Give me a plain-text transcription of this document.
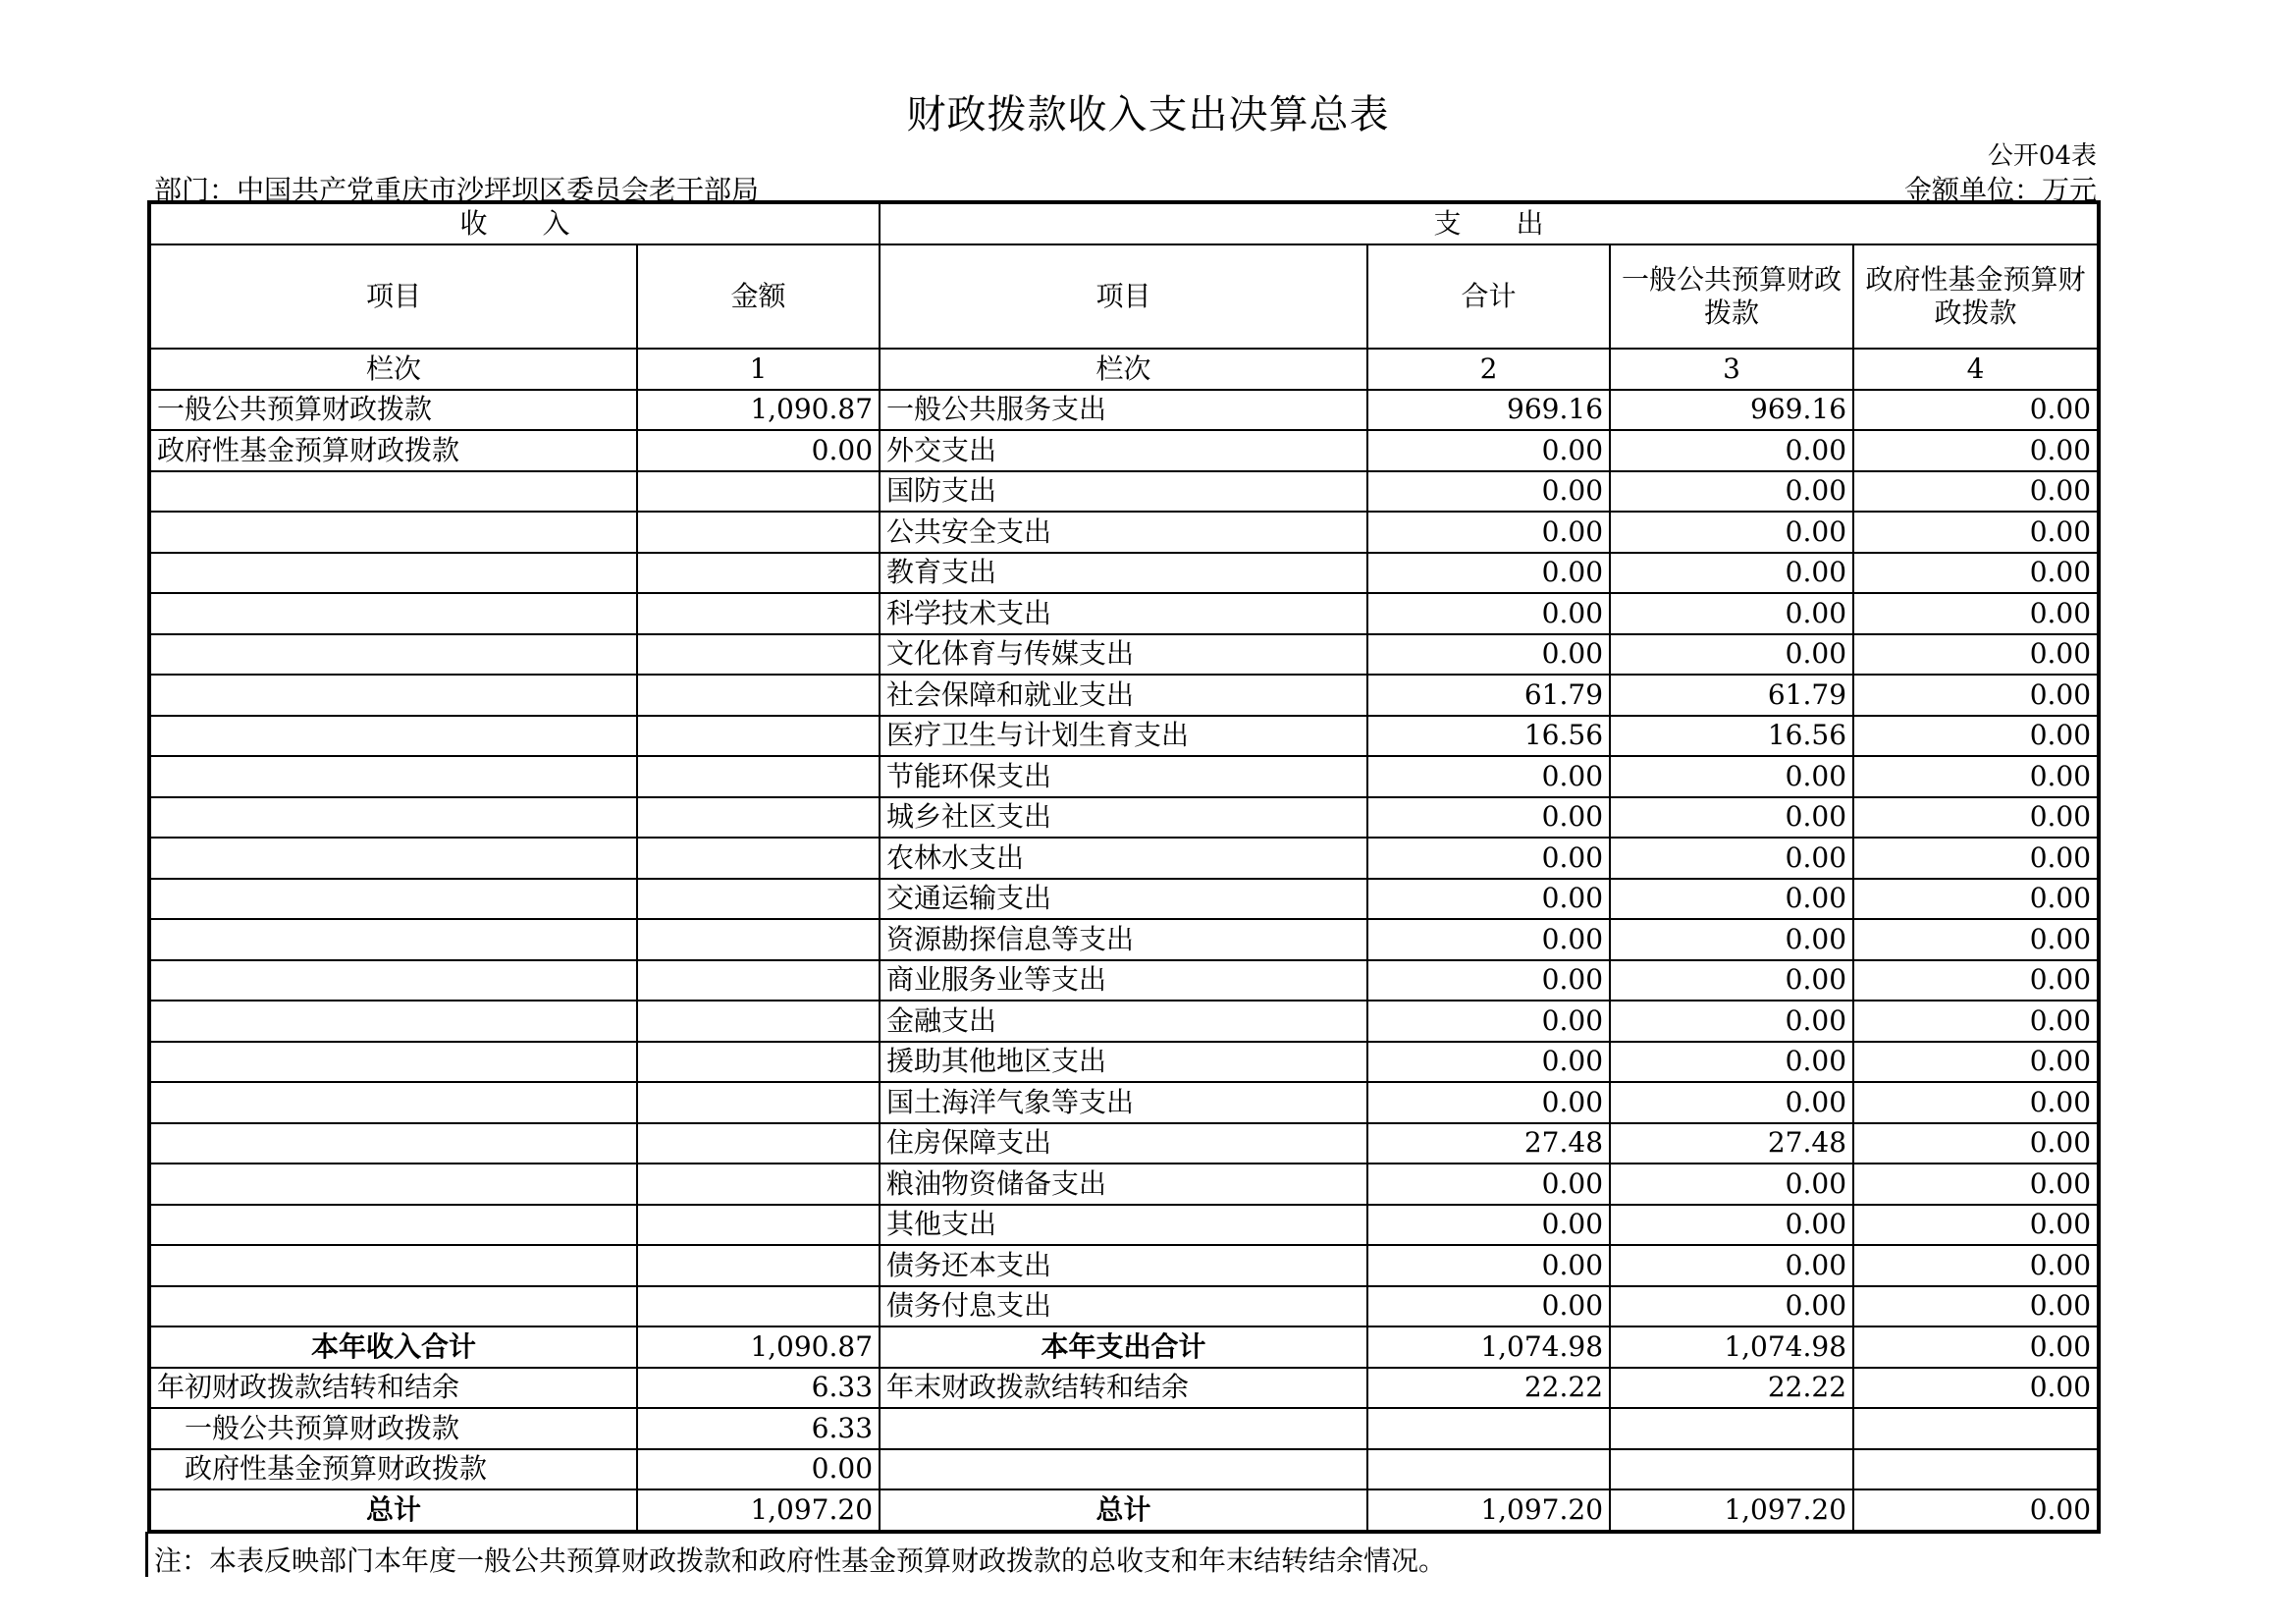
财政拨款收入支出决算总表
公开04表
部门：中国共产党重庆市沙坪坝区委员会老干部局	金额单位：万元
收　　入		支　　出			
项目	金额	项目	合计	一般公共预算财政拨款	政府性基金预算财政拨款
栏次	1	栏次	2	3	4
一般公共预算财政拨款	1,090.87	一般公共服务支出	969.16	969.16	0.00
政府性基金预算财政拨款	0.00	外交支出	0.00	0.00	0.00
		国防支出	0.00	0.00	0.00
		公共安全支出	0.00	0.00	0.00
		教育支出	0.00	0.00	0.00
		科学技术支出	0.00	0.00	0.00
		文化体育与传媒支出	0.00	0.00	0.00
		社会保障和就业支出	61.79	61.79	0.00
		医疗卫生与计划生育支出	16.56	16.56	0.00
		节能环保支出	0.00	0.00	0.00
		城乡社区支出	0.00	0.00	0.00
		农林水支出	0.00	0.00	0.00
		交通运输支出	0.00	0.00	0.00
		资源勘探信息等支出	0.00	0.00	0.00
		商业服务业等支出	0.00	0.00	0.00
		金融支出	0.00	0.00	0.00
		援助其他地区支出	0.00	0.00	0.00
		国土海洋气象等支出	0.00	0.00	0.00
		住房保障支出	27.48	27.48	0.00
		粮油物资储备支出	0.00	0.00	0.00
		其他支出	0.00	0.00	0.00
		债务还本支出	0.00	0.00	0.00
		债务付息支出	0.00	0.00	0.00
本年收入合计	1,090.87	本年支出合计	1,074.98	1,074.98	0.00
年初财政拨款结转和结余	6.33	年末财政拨款结转和结余	22.22	22.22	0.00
一般公共预算财政拨款	6.33				
政府性基金预算财政拨款	0.00				
总计	1,097.20	总计	1,097.20	1,097.20	0.00
注：本表反映部门本年度一般公共预算财政拨款和政府性基金预算财政拨款的总收支和年末结转结余情况。
